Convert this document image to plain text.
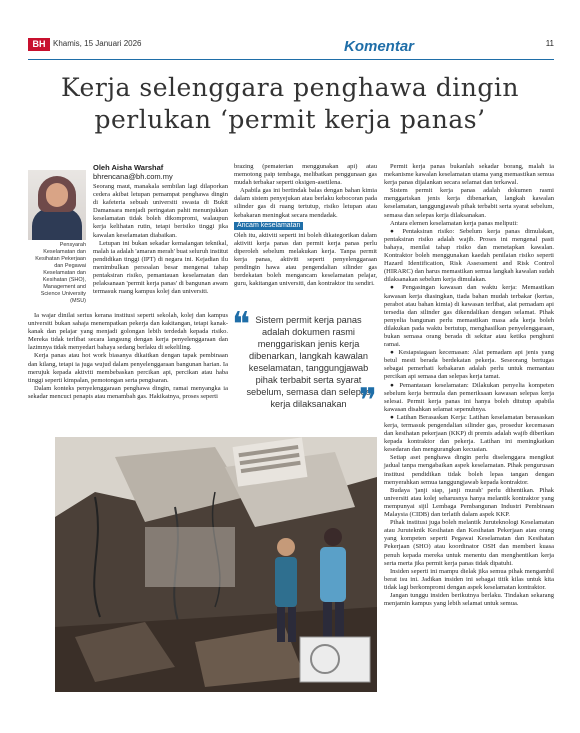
BH Khamis, 15 Januari 2026	Komentar	11
Kerja selenggara penghawa dingin
perlukan ‘permit kerja panas’
Pensyarah Keselamatan dan Kesihatan Pekerjaan dan Pegawai Keselamatan dan Kesihatan (SHO), Management and Science University (MSU)
Oleh Aisha Warshaf
bhrencana@bh.com.my

Seorang maut, manakala sembilan lagi dilaporkan cedera akibat letupan pemampat penghawa dingin di kafeteria sebuah universiti swasta di Bukit Damansara menjadi peringatan pahit menunjukkan keselamatan tidak boleh dikompromi, walaupun kerja kelihatan rutin, tetapi berisiko tinggi jika kawalan keselamatan diabaikan.

Letupan ini bukan sekadar kemalangan teknikal, malah ia adalah 'amaran merah' buat seluruh institut pendidikan tinggi (IPT) di negara ini. Kejadian ilu menimbulkan persoalan besar mengenai tahap pentaksiran risiko, pemantauan keselamatan dan pelaksanaan 'permit kerja panas' di bangunan awam termasuk ruang kampus kolej dan universiti.

Ia wajar dinilai serius kerana institusi seperti sekolah, kolej dan kampus universiti bukan sahaja menempatkan pekerja dan kakitangan, tetapi kanak-kanak dan pelajar yang menjadi golongan lebih terdedah kepada risiko. Mereka tidak terlibat secara langsung dengan kerja penyelenggaraan dan lazimnya tidak menyedari bahaya sedang berlaku di sekeliling.

Kerja panas atau hot work biasanya dikaitkan dengan tapak pembinaan dan kilang, tetapi ia juga wujud dalam penyelenggaraan bangunan harian. Ia merujuk kepada aktiviti membebaskan percikan api, percikan atau haba tinggi seperti kimpalan, pemotongan serta pengisaran.

Dalam konteks penyelenggaraan penghawa dingin, ramai menyangka ia sekadar mencuci penapis atau menambah gas. Hakikatnya, proses seperti

brazing (pematerian menggunakan api) atau memotong paip tembaga, melibatkan penggunaan gas mudah terbakar seperti oksigen-asetilena.

Apabila gas ini bertindak balas dengan bahan kimia dalam sistem penyejukan atau berlaku kebocoran pada silinder gas di ruang tertutup, risiko letupan atau kebakaran meningkat secara mendadak.

Ancam keselamatan

Oleh itu, aktiviti seperti ini boleh dikategorikan dalam aktiviti kerja panas dan permit kerja panas perlu diperoleh sebelum melakukan kerja. Tanpa permit kerja panas, aktiviti seperti penyelenggaraan pendingin hawa atau pengendalian silinder gas berdekatan boleh mengancam keselamatan pelajar, guru, kakitangan universiti, dan kontraktor itu sendiri.

❝ Sistem permit kerja panas adalah dokumen rasmi menggariskan jenis kerja dibenarkan, langkah kawalan keselamatan, tanggungjawab pihak terbabit serta syarat sebelum, semasa dan selepas kerja dilaksanakan ❞

Permit kerja panas bukanlah sekadar borang, malah ia mekanisme kawalan keselamatan utama yang memastikan semua kerja panas dijalankan secara selamat dan terkawal.

Sistem permit kerja panas adalah dokumen rasmi menggariskan jenis kerja dibenarkan, langkah kawalan keselamatan, tanggungjawab pihak terbabit serta syarat sebelum, semasa dan selepas kerja dilaksanakan.

Antara elemen keselamatan kerja panas meliputi:

● Pentaksiran risiko: Sebelum kerja panas dimulakan, pentaksiran risiko adalah wajib. Proses ini mengenal pasti bahaya, menilai tahap risiko dan menetapkan kawalan. Kontraktor boleh menggunakan kaedah penilaian risiko seperti Hazard Identification, Risk Assessment and Risk Control (HIRARC) dan harus memastikan semua langkah kawalan sudah dilaksanakan sebelum kerja dimulakan.

● Pengasingan kawasan dan waktu kerja: Memastikan kawasan kerja diasingkan, tiada bahan mudah terbakar (kertas, perabot atau bahan kimia) di kawasan terlibat, alat pemadam api tersedia dan silinder gas dikendalikan dengan selamat. Pihak penyelia bangunan perlu memastikan masa ada kerja boleh dilakukan pada waktu bertutup, menghasilkan penyelenggaraan, bukan semasa orang berada di sekitar atau ketika penghuni ramai.

● Kesiapsiagaan kecemasan: Alat pemadam api jenis yang betul mesti berada berdekatan pekerja. Seseorang bertugas sebagai pemerhati kebakaran adalah perlu untuk memantau percikan api semasa dan selepas kerja tamat.

● Pemantauan keselamatan: Dilakukan penyelia kompeten sebelum kerja bermula dan pemeriksaan kawasan selepas kerja selesai. Permit kerja panas ini hanya boleh ditutup apabila kawasan disahkan selamat sepenuhnya.

● Latihan Berasaskan Kerja: Latihan keselamatan berasaskan kerja, termasuk pengendalian silinder gas, prosedur kecemasan dan kesihatan pekerjaan (KKP) di premis adalah wajib diberikan kepada kontraktor dan pekerja. Latihan ini meningkatkan kesedaran dan mengurangkan kecuaian.

Setiap aset penghawa dingin perlu diselenggara mengikut jadual tanpa mengabaikan aspek keselamatan. Pihak pengurusan institusi pendidikan tidak boleh lepas tangan dengan menyerahkan semua tanggungjawab kepada kontraktor.

Budaya 'janji siap, janji murah' perlu dihentikan. Pihak universiti atau kolej seharusnya hanya melantik kontraktor yang mempunyai sijil Lembaga Pembangunan Industri Pembinaan Malaysia (CIDB) dan terlatih dalam aspek KKP.

Pihak institusi juga boleh melantik Juruteknologi Keselamatan atau Juruteknik Kesihatan dan Kesihatan Pekerjaan atau orang yang kompeten seperti Pegawai Keselamatan dan Kesihatan Pekerjaan (SHO) atau koordinator OSH dan memberi kuasa penuh kepada mereka untuk menentu dan menghentikan kerja serta merta jika permit kerja panas tidak dipatuhi.

Insiden seperti ini mampu dielak jika semua pihak mengambil berat isu ini. Jadikan insiden ini sebagai titik kilas untuk kita tidak lagi berkompromi dengan aspek keselamatan kontraktor.

Jangan tunggu insiden berikutnya berlaku. Tindakan sekarang menjamin kampus yang lebih selamat untuk semua.
